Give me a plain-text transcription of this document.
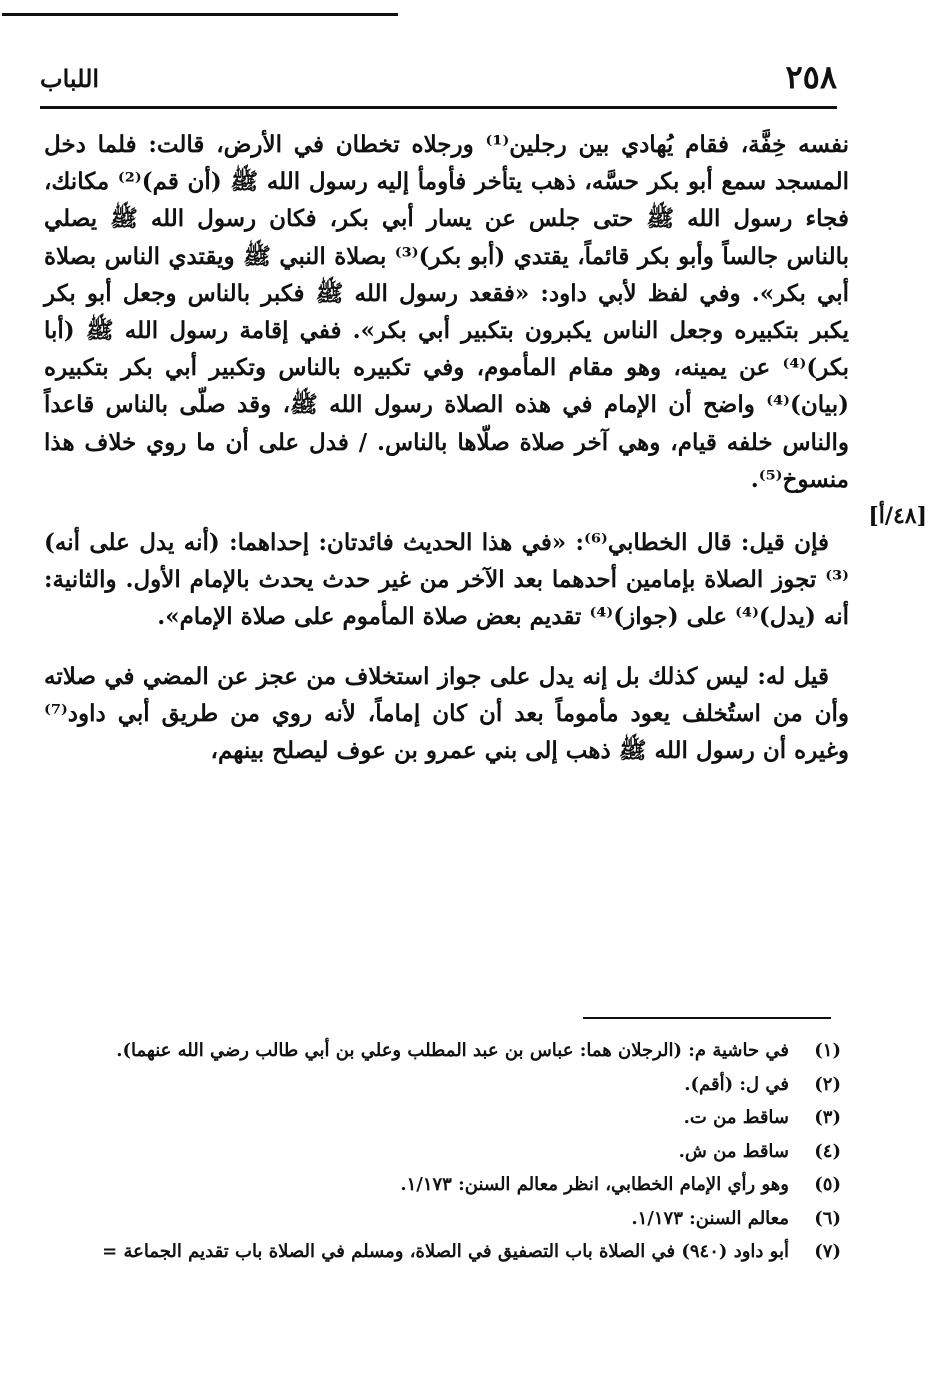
٢٥٨
اللباب
[٤٨/أ]

نفسه خِفَّة، فقام يُهادي بين رجلين⁽¹⁾ ورجلاه تخطان في الأرض، قالت: فلما دخل المسجد سمع أبو بكر حسَّه، ذهب يتأخر فأومأ إليه رسول الله ﷺ (أن قم)⁽²⁾ مكانك، فجاء رسول الله ﷺ حتى جلس عن يسار أبي بكر، فكان رسول الله ﷺ يصلي بالناس جالساً وأبو بكر قائماً، يقتدي (أبو بكر)⁽³⁾ بصلاة النبي ﷺ ويقتدي الناس بصلاة أبي بكر». وفي لفظ لأبي داود: «فقعد رسول الله ﷺ فكبر بالناس وجعل أبو بكر يكبر بتكبيره وجعل الناس يكبرون بتكبير أبي بكر». ففي إقامة رسول الله ﷺ (أبا بكر)⁽⁴⁾ عن يمينه، وهو مقام المأموم، وفي تكبيره بالناس وتكبير أبي بكر بتكبيره (بيان)⁽⁴⁾ واضح أن الإمام في هذه الصلاة رسول الله ﷺ، وقد صلّى بالناس قاعداً والناس خلفه قيام، وهي آخر صلاة صلّاها بالناس. / فدل على أن ما روي خلاف هذا منسوخ⁽⁵⁾.

فإن قيل: قال الخطابي⁽⁶⁾: «في هذا الحديث فائدتان: إحداهما: (أنه يدل على أنه)⁽³⁾ تجوز الصلاة بإمامين أحدهما بعد الآخر من غير حدث يحدث بالإمام الأول. والثانية: أنه (يدل)⁽⁴⁾ على (جواز)⁽⁴⁾ تقديم بعض صلاة المأموم على صلاة الإمام».

قيل له: ليس كذلك بل إنه يدل على جواز استخلاف من عجز عن المضي في صلاته وأن من استُخلف يعود مأموماً بعد أن كان إماماً، لأنه روي من طريق أبي داود⁽⁷⁾ وغيره أن رسول الله ﷺ ذهب إلى بني عمرو بن عوف ليصلح بينهم،

(١)
في حاشية م: (الرجلان هما: عباس بن عبد المطلب وعلي بن أبي طالب رضي الله عنهما).
(٢)
في ل: (أقم).
(٣)
ساقط من ت.
(٤)
ساقط من ش.
(٥)
وهو رأي الإمام الخطابي، انظر معالم السنن: ١/١٧٣.
(٦)
معالم السنن: ١/١٧٣.
(٧)
أبو داود (٩٤٠) في الصلاة باب التصفيق في الصلاة، ومسلم في الصلاة باب تقديم الجماعة =
